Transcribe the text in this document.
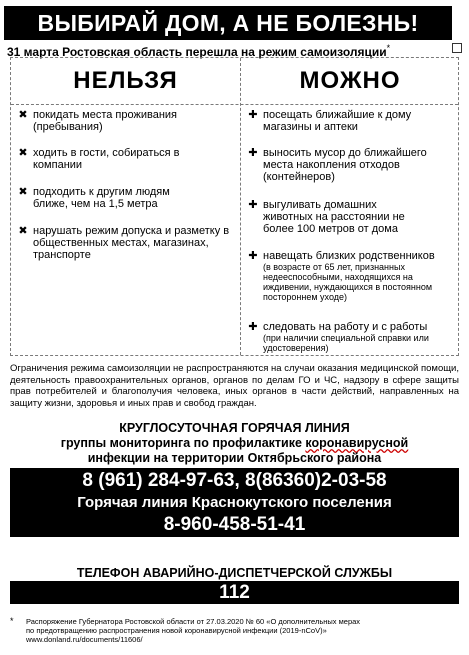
ВЫБИРАЙ ДОМ, А НЕ БОЛЕЗНЬ!
31 марта Ростовская область перешла на режим самоизоляции*
НЕЛЬЗЯ	МОЖНО
✖ покидать места проживания (пребывания)
✖ ходить в гости, собираться в компании
✖ подходить к другим людям ближе, чем на 1,5 метра
✖ нарушать режим допуска и разметку в общественных местах, магазинах, транспорте
✚ посещать ближайшие к дому магазины и аптеки
✚ выносить мусор до ближайшего места накопления отходов (контейнеров)
✚ выгуливать домашних животных на расстоянии не более 100 метров от дома
✚ навещать близких родственников
(в возрасте от 65 лет, признанных недееспособными, находящихся на иждивении, нуждающихся в постоянном постороннем уходе)
✚ следовать на работу и с работы
(при наличии специальной справки или удостоверения)
Ограничения режима самоизоляции не распространяются на случаи оказания медицинской помощи, деятельность правоохранительных органов, органов по делам ГО и ЧС, надзору в сфере защиты прав потребителей и благополучия человека, иных органов в части действий, направленных на защиту жизни, здоровья и иных прав и свобод граждан.
КРУГЛОСУТОЧНАЯ ГОРЯЧАЯ ЛИНИЯ
группы мониторинга по профилактике коронавирусной
инфекции на территории Октябрьского района
8 (961) 284-97-63, 8(86360)2-03-58
Горячая линия Краснокутского поселения
8-960-458-51-41
ТЕЛЕФОН АВАРИЙНО-ДИСПЕТЧЕРСКОЙ СЛУЖБЫ
112
* Распоряжение Губернатора Ростовской области от 27.03.2020 № 60 «О дополнительных мерах
по предотвращению распространения новой коронавирусной инфекции (2019-nCoV)»
www.donland.ru/documents/11606/
